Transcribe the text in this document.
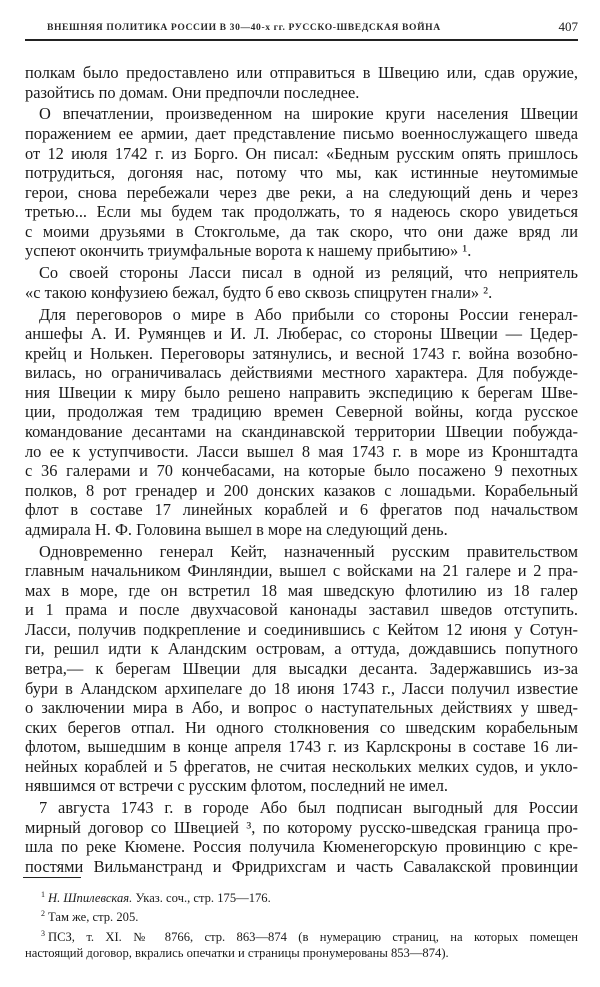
ВНЕШНЯЯ ПОЛИТИКА РОССИИ В 30—40-х гг. РУССКО-ШВЕДСКАЯ ВОЙНА	407
полкам было предоставлено или отправиться в Швецию или, сдав оружие,
разойтись по домам. Они предпочли последнее.
О впечатлении, произведенном на широкие круги населения Швеции
поражением ее армии, дает представление письмо военнослужащего шведа
от 12 июля 1742 г. из Борго. Он писал: «Бедным русским опять пришлось
потрудиться, догоняя нас, потому что мы, как истинные неутомимые
герои, снова перебежали через две реки, а на следующий день и через
третью... Если мы будем так продолжать, то я надеюсь скоро увидеться
с моими друзьями в Стокгольме, да так скоро, что они даже вряд ли
успеют окончить триумфальные ворота к нашему прибытию» ¹.
Со своей стороны Ласси писал в одной из реляций, что неприятель
«с такою конфузиею бежал, будто б ево сквозь спицрутен гнали» ².
Для переговоров о мире в Або прибыли со стороны России генерал-
аншефы А. И. Румянцев и И. Л. Люберас, со стороны Швеции — Цедер-
крейц и Нолькен. Переговоры затянулись, и весной 1743 г. война возобно-
вилась, но ограничивалась действиями местного характера. Для побужде-
ния Швеции к миру было решено направить экспедицию к берегам Шве-
ции, продолжая тем традицию времен Северной войны, когда русское
командование десантами на скандинавской территории Швеции побужда-
ло ее к уступчивости. Ласси вышел 8 мая 1743 г. в море из Кронштадта
с 36 галерами и 70 кончебасами, на которые было посажено 9 пехотных
полков, 8 рот гренадер и 200 донских казаков с лошадьми. Корабельный
флот в составе 17 линейных кораблей и 6 фрегатов под начальством
адмирала Н. Ф. Головина вышел в море на следующий день.
Одновременно генерал Кейт, назначенный русским правительством
главным начальником Финляндии, вышел с войсками на 21 галере и 2 пра-
мах в море, где он встретил 18 мая шведскую флотилию из 18 галер
и 1 прама и после двухчасовой канонады заставил шведов отступить.
Ласси, получив подкрепление и соединившись с Кейтом 12 июня у Сотун-
ги, решил идти к Аландским островам, а оттуда, дождавшись попутного
ветра,— к берегам Швеции для высадки десанта. Задержавшись из-за
бури в Аландском архипелаге до 18 июня 1743 г., Ласси получил известие
о заключении мира в Або, и вопрос о наступательных действиях у швед-
ских берегов отпал. Ни одного столкновения со шведским корабельным
флотом, вышедшим в конце апреля 1743 г. из Карлскроны в составе 16 ли-
нейных кораблей и 5 фрегатов, не считая нескольких мелких судов, и укло-
нявшимся от встречи с русским флотом, последний не имел.
7 августа 1743 г. в городе Або был подписан выгодный для России
мирный договор со Швецией ³, по которому русско-шведская граница про-
шла по реке Кюмене. Россия получила Кюменегорскую провинцию с кре-
постями Вильманстранд и Фридрихсгам и часть Савалакской провинции
$^1$ Н. Шпилевская. Указ. соч., стр. 175—176.
$^2$ Там же, стр. 205.
$^3$ ПСЗ, т. XI. № 8766, стр. 863—874 (в нумерацию страниц, на которых помещен
настоящий договор, вкрались опечатки и страницы пронумерованы 853—874).
